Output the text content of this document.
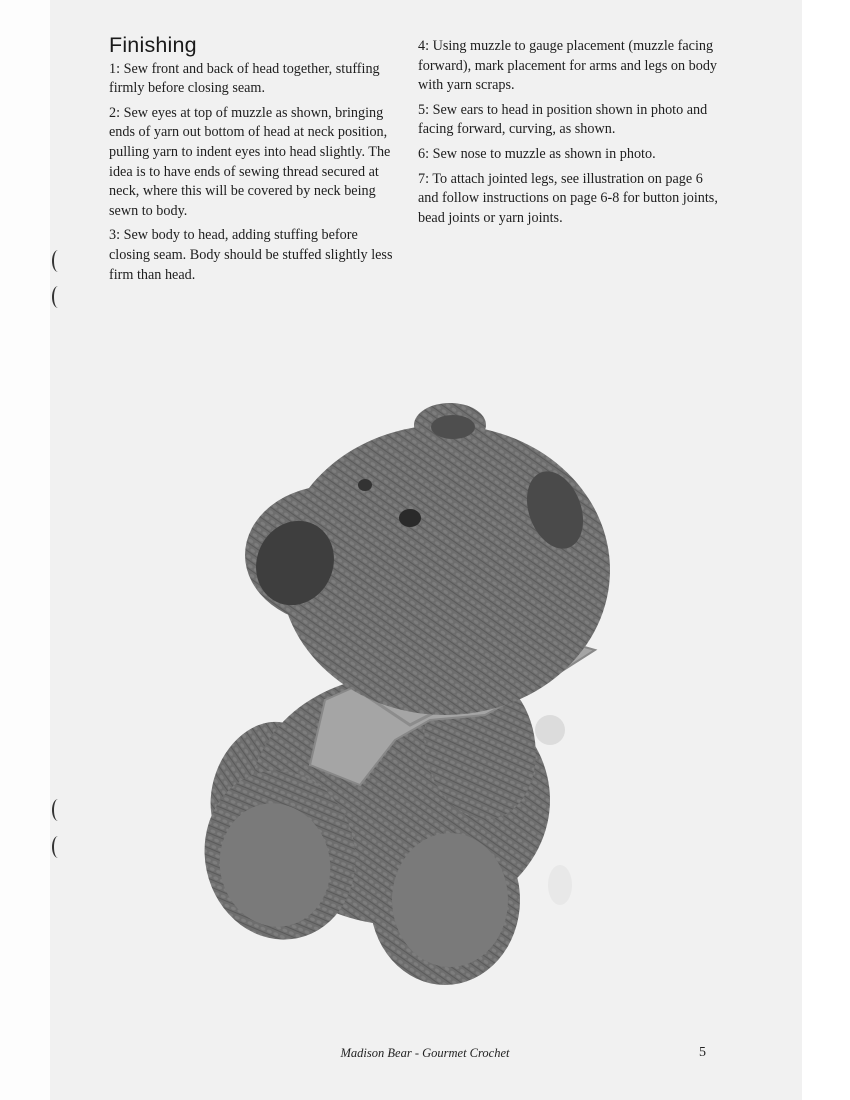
Finishing

1: Sew front and back of head together, stuffing firmly before closing seam.

2: Sew eyes at top of muzzle as shown, bringing ends of yarn out bottom of head at neck position, pulling yarn to indent eyes into head slightly. The idea is to have ends of sewing thread secured at neck, where this will be covered by neck being sewn to body.

3: Sew body to head, adding stuffing before closing seam. Body should be stuffed slightly less firm than head.

4: Using muzzle to gauge placement (muzzle facing forward), mark placement for arms and legs on body with yarn scraps.

5: Sew ears to head in position shown in photo and facing forward, curving, as shown.

6: Sew nose to muzzle as shown in photo.

7: To attach jointed legs, see illustration on page 6 and follow instructions on page 6-8 for button joints, bead joints or yarn joints.

Madison Bear - Gourmet Crochet	5
